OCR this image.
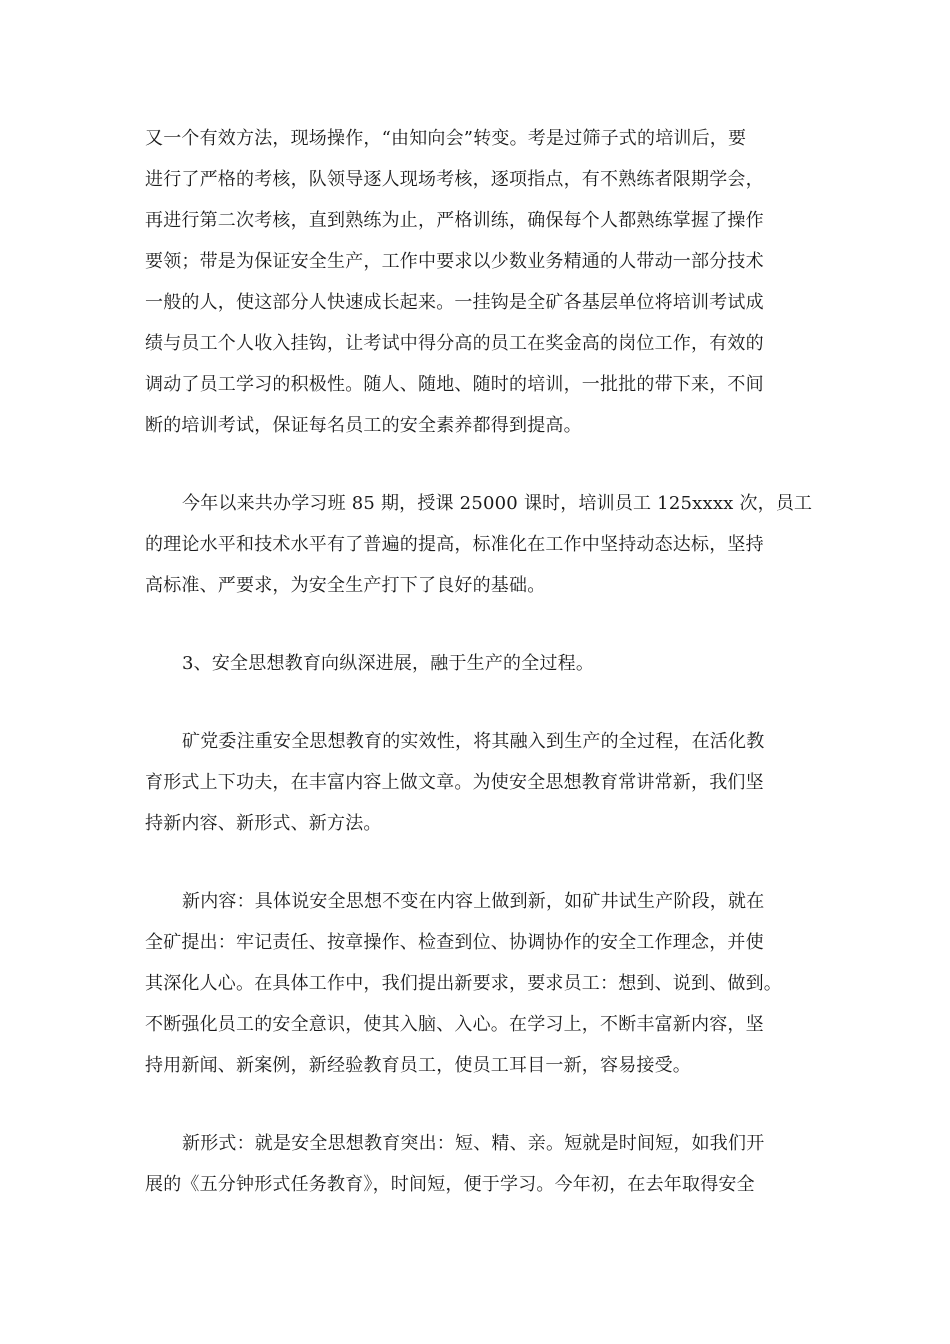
又一个有效方法，现场操作，“由知向会”转变。考是过筛子式的培训后，要
进行了严格的考核，队领导逐人现场考核，逐项指点，有不熟练者限期学会，
再进行第二次考核，直到熟练为止，严格训练，确保每个人都熟练掌握了操作
要领；带是为保证安全生产，工作中要求以少数业务精通的人带动一部分技术
一般的人，使这部分人快速成长起来。一挂钩是全矿各基层单位将培训考试成
绩与员工个人收入挂钩，让考试中得分高的员工在奖金高的岗位工作，有效的
调动了员工学习的积极性。随人、随地、随时的培训，一批批的带下来，不间
断的培训考试，保证每名员工的安全素养都得到提高。

今年以来共办学习班 85 期，授课 25000 课时，培训员工 125xxxx 次，员工
的理论水平和技术水平有了普遍的提高，标准化在工作中坚持动态达标，坚持
高标准、严要求，为安全生产打下了良好的基础。

3、安全思想教育向纵深进展，融于生产的全过程。

矿党委注重安全思想教育的实效性，将其融入到生产的全过程，在活化教
育形式上下功夫，在丰富内容上做文章。为使安全思想教育常讲常新，我们坚
持新内容、新形式、新方法。

新内容：具体说安全思想不变在内容上做到新，如矿井试生产阶段，就在
全矿提出：牢记责任、按章操作、检查到位、协调协作的安全工作理念，并使
其深化人心。在具体工作中，我们提出新要求，要求员工：想到、说到、做到。
不断强化员工的安全意识，使其入脑、入心。在学习上，不断丰富新内容，坚
持用新闻、新案例，新经验教育员工，使员工耳目一新，容易接受。

新形式：就是安全思想教育突出：短、精、亲。短就是时间短，如我们开
展的《五分钟形式任务教育》，时间短，便于学习。今年初，在去年取得安全
